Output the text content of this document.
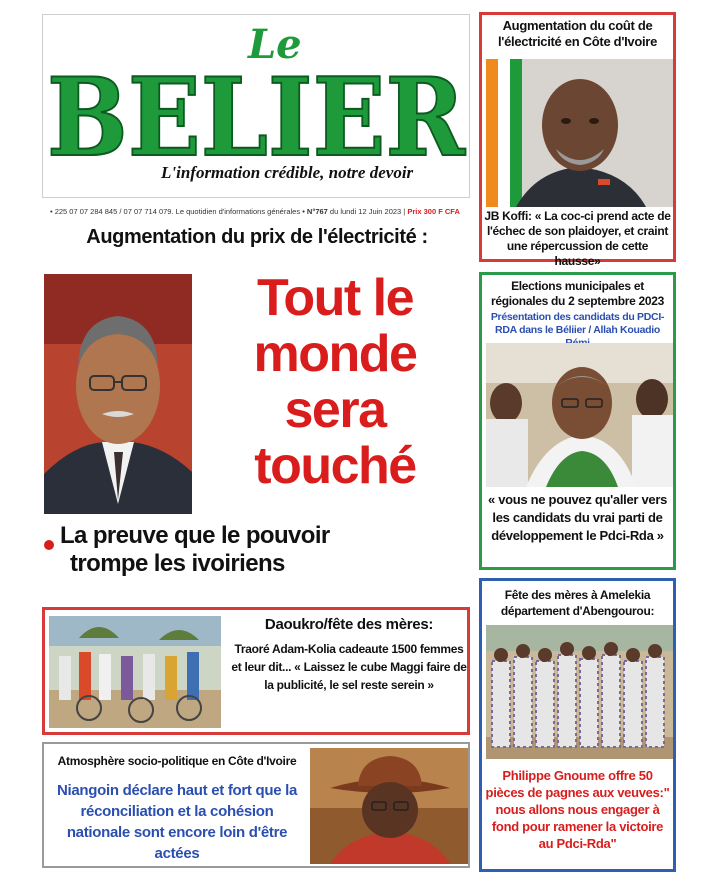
Le
BELIER
L'information crédible, notre devoir
• 225 07 07 284 845 / 07 07 714 079. Le quotidien d'informations générales • N°767 du lundi 12 Juin 2023 | Prix 300 F CFA
Augmentation du prix de l'électricité :
Tout le
monde sera
touché
La preuve que le pouvoir
trompe les ivoiriens
Augmentation du coût de l'électricité en Côte d'Ivoire
JB Koffi: « La coc-ci prend acte de l'échec de son plaidoyer, et craint une répercussion de cette hausse»
Elections municipales et régionales du 2 septembre 2023
Présentation des candidats du PDCI-RDA dans le Béliier / Allah Kouadio
« vous ne pouvez qu'aller vers les candidats du vrai parti de développement le Pdci-Rda »
Daoukro/fête des mères:
Traoré Adam-Kolia cadeaute 1500 femmes et leur dit... « Laissez le cube Maggi faire de la publicité, le sel reste serein »
Fête des mères à Amelekia département d'Abengourou:
Philippe Gnoume offre 50 pièces de pagnes aux veuves:" nous allons nous engager à fond pour ramener la victoire au Pdci-Rda"
Atmosphère socio-politique en Côte d'Ivoire
Niangoin déclare haut et fort que la réconciliation et la cohésion nationale sont encore loin d'être actées
